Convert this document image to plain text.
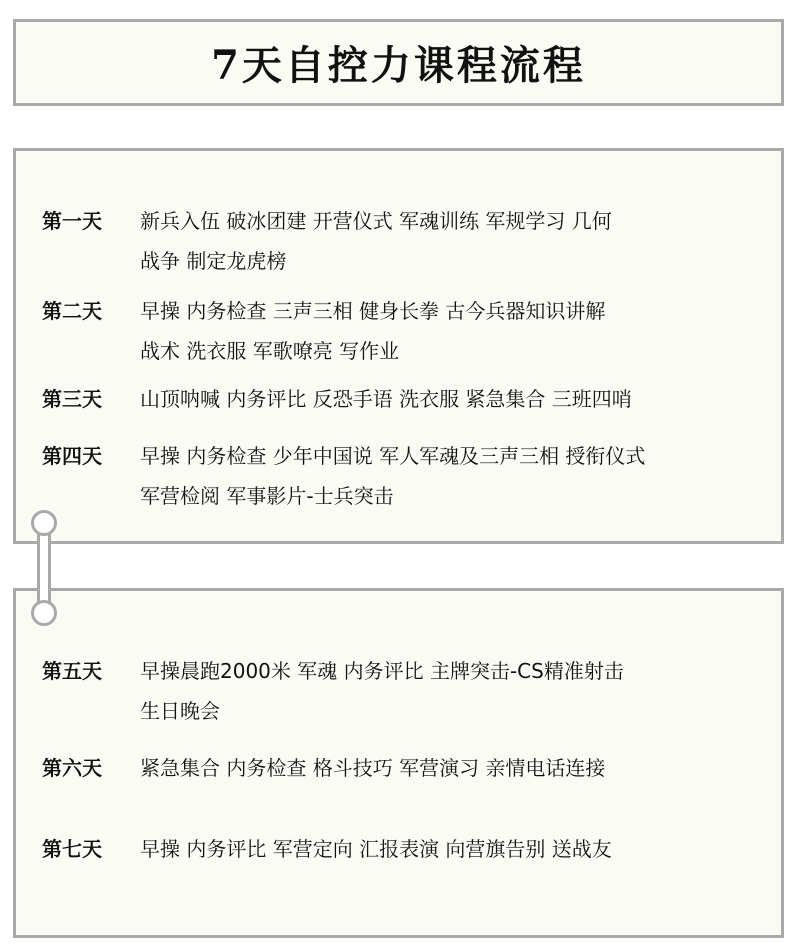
7天自控力课程流程
第一天	新兵入伍 破冰团建 开营仪式 军魂训练 军规学习 几何
战争 制定龙虎榜
第二天	早操 内务检查 三声三相 健身长拳 古今兵器知识讲解
战术 洗衣服 军歌嘹亮 写作业
第三天	山顶呐喊 内务评比 反恐手语 洗衣服 紧急集合 三班四哨
第四天	早操 内务检查 少年中国说 军人军魂及三声三相 授衔仪式
军营检阅 军事影片-士兵突击
第五天	早操晨跑2000米 军魂 内务评比 主牌突击-CS精准射击
生日晚会
第六天	紧急集合 内务检查 格斗技巧 军营演习 亲情电话连接
第七天	早操 内务评比 军营定向 汇报表演 向营旗告别 送战友
